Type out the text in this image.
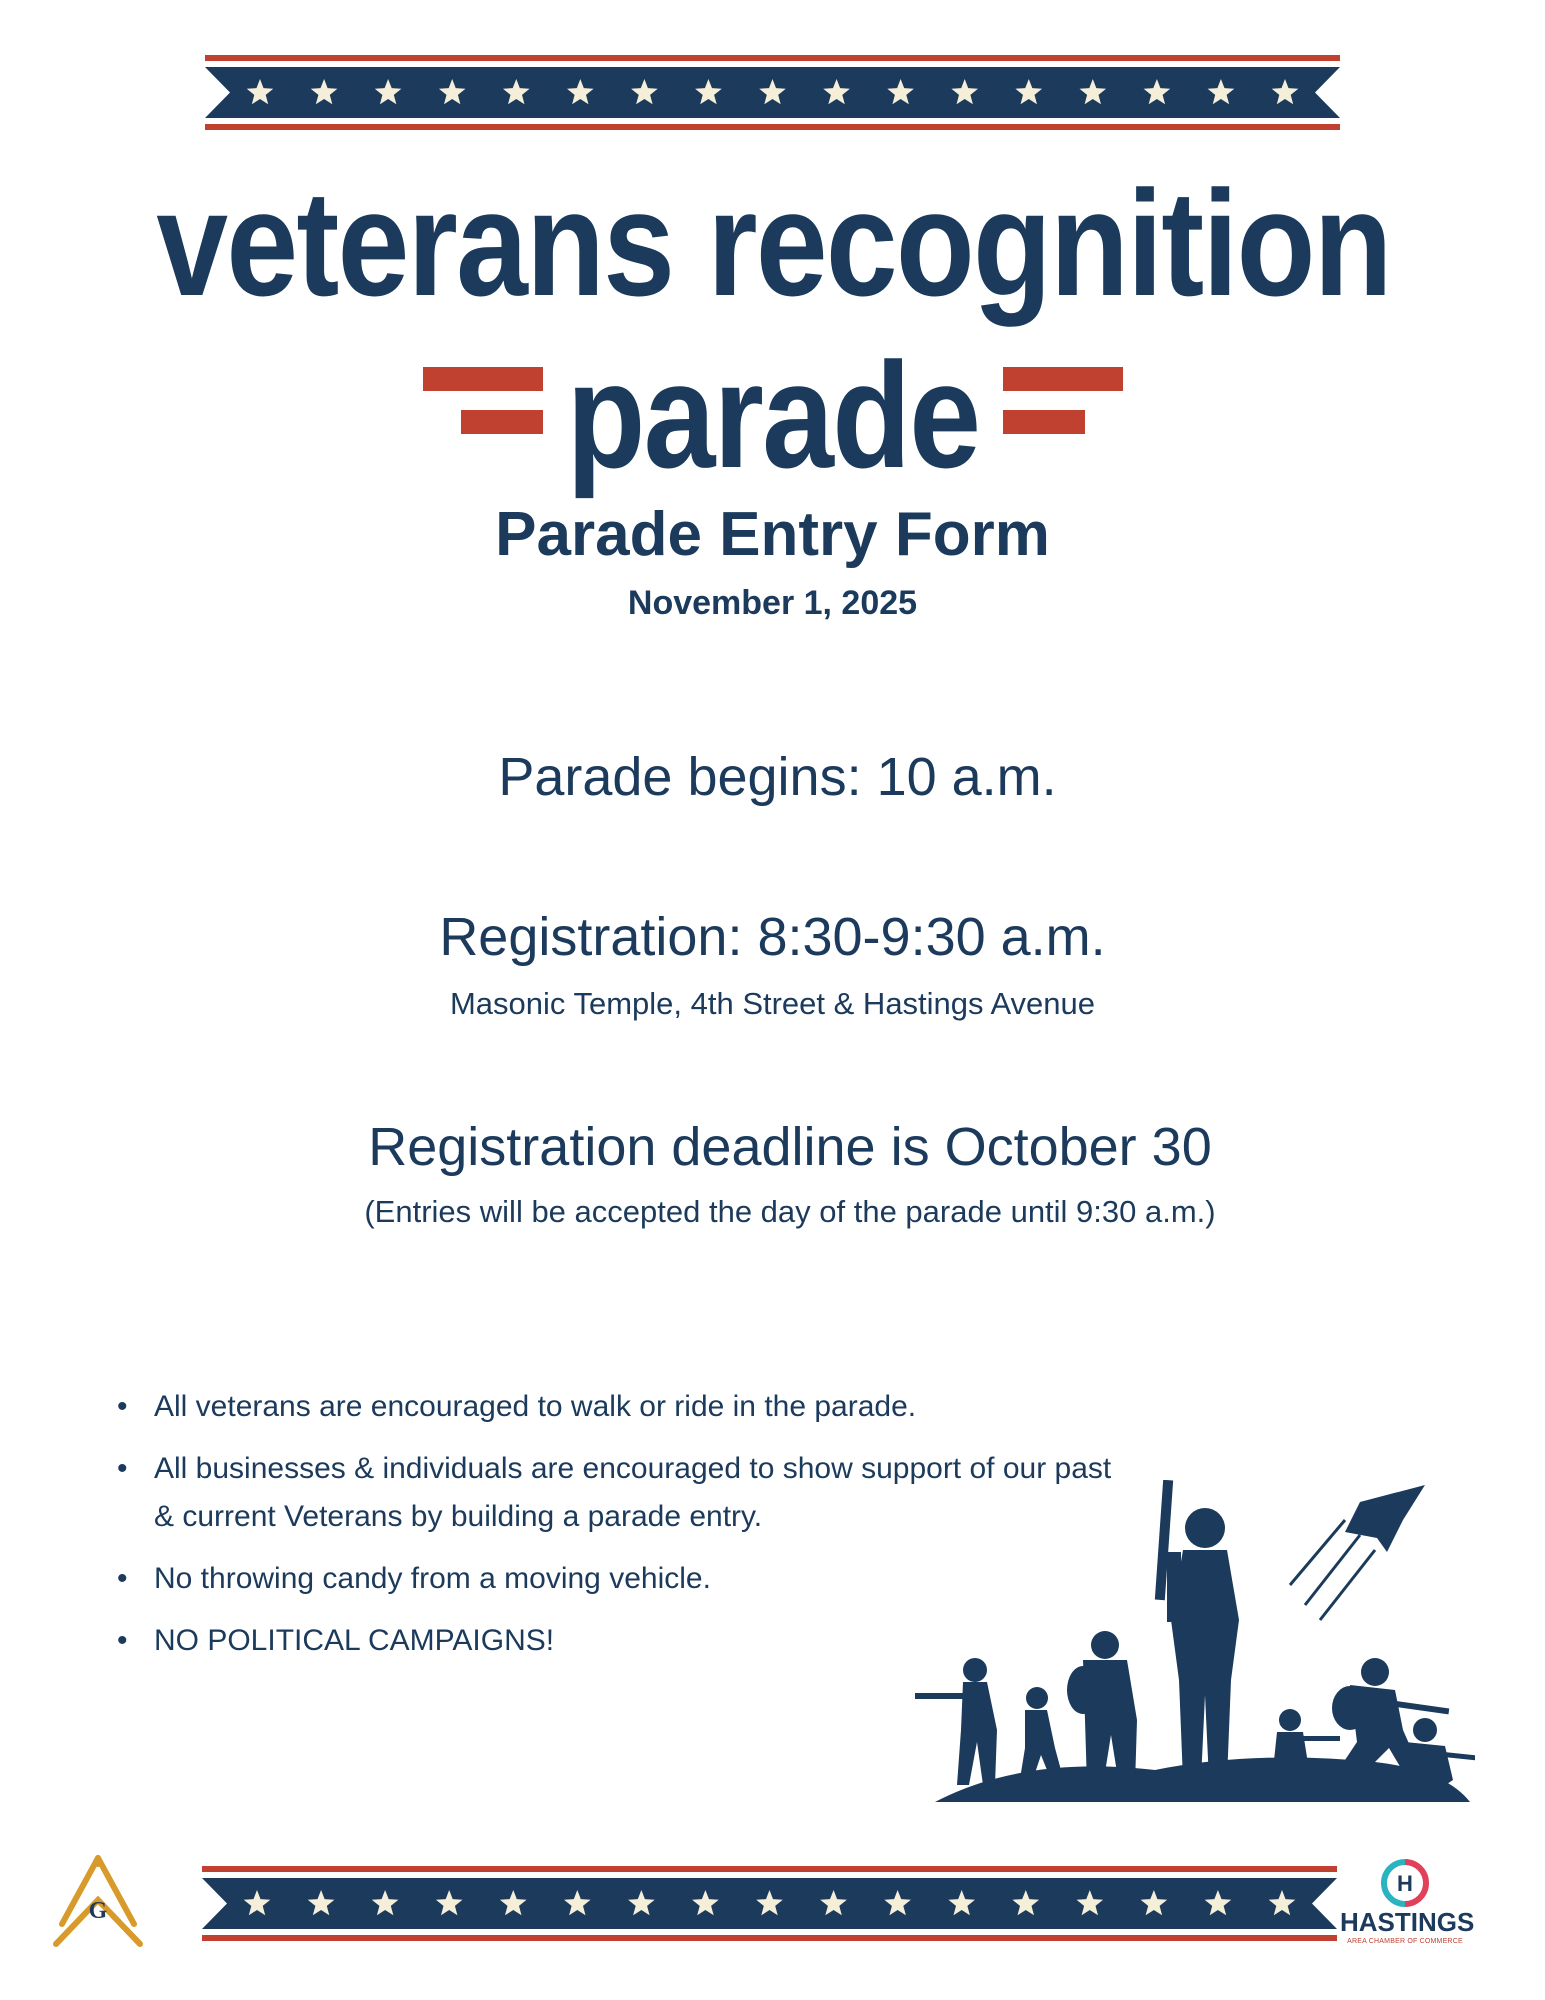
veterans recognition
parade
Parade Entry Form
November 1, 2025
Parade begins: 10 a.m.
Registration: 8:30-9:30 a.m.
Masonic Temple, 4th Street & Hastings Avenue
Registration deadline is October 30
(Entries will be accepted the day of the parade until 9:30 a.m.)
• All veterans are encouraged to walk or ride in the parade.
• All businesses & individuals are encouraged to show support of our past & current Veterans by building a parade entry.
• No throwing candy from a moving vehicle.
• NO POLITICAL CAMPAIGNS!
G
H
HASTINGS
AREA CHAMBER OF COMMERCE
